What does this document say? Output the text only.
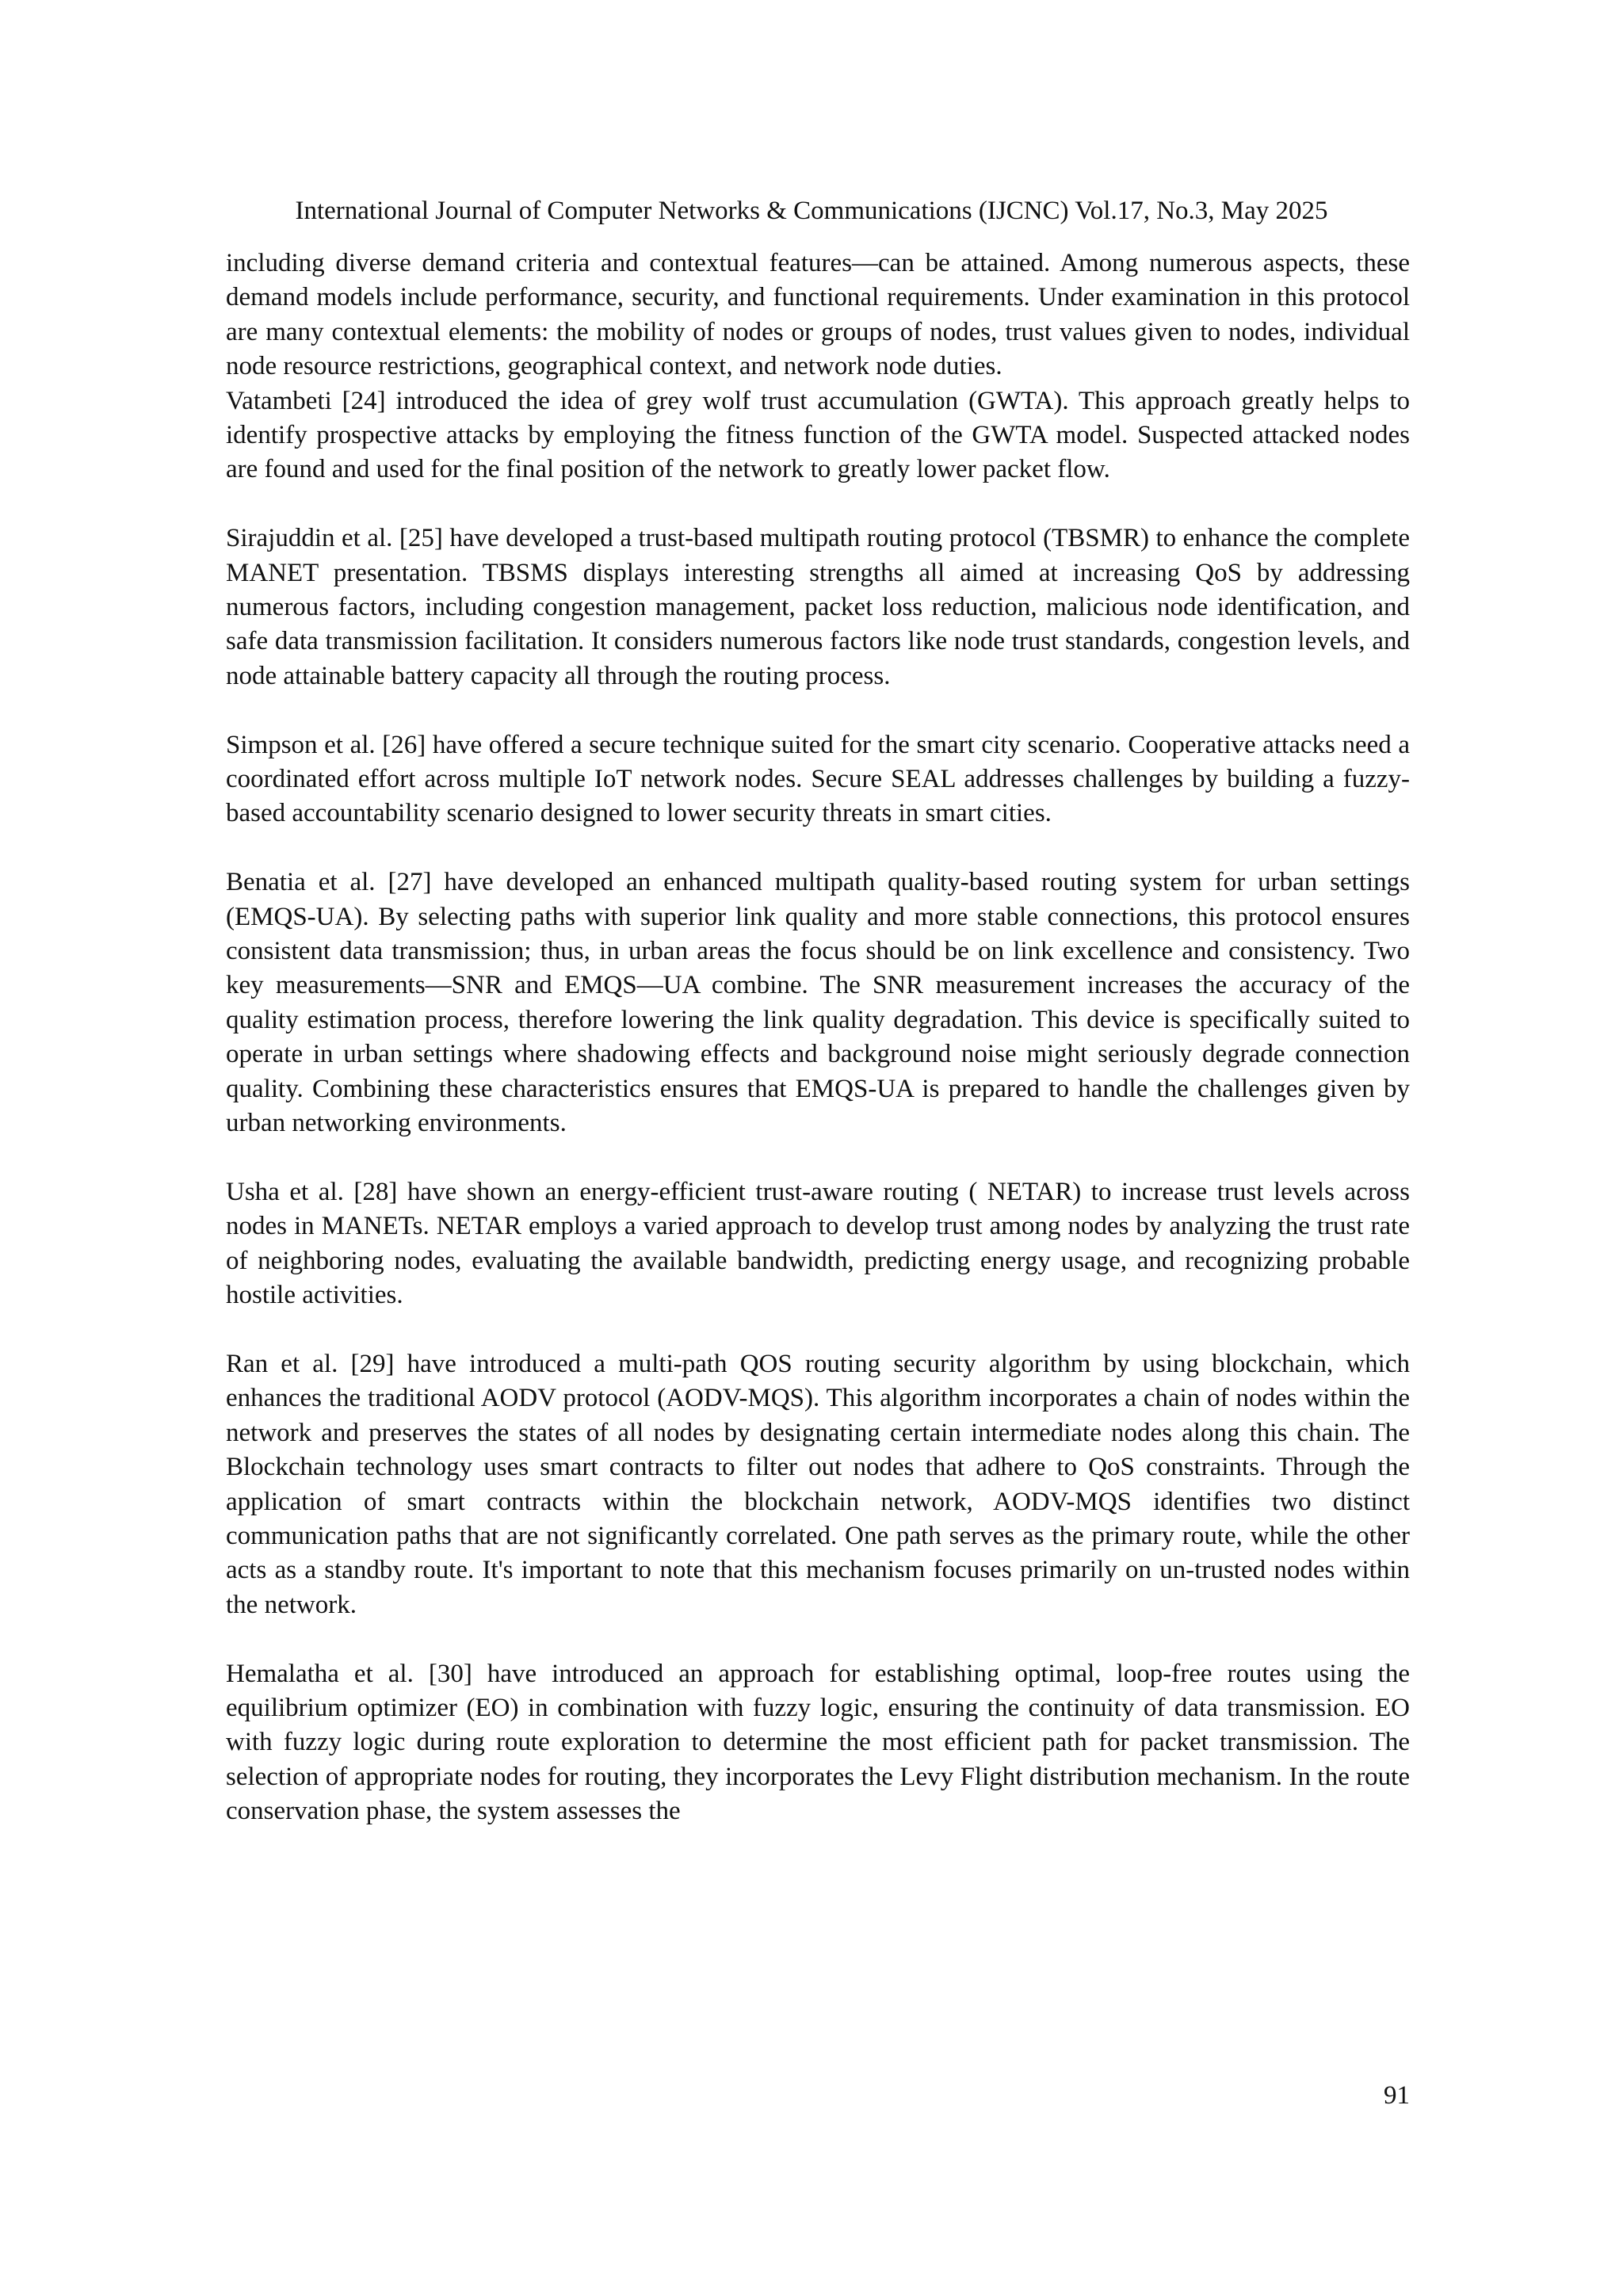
International Journal of Computer Networks & Communications (IJCNC) Vol.17, No.3, May 2025

including diverse demand criteria and contextual features—can be attained. Among numerous aspects, these demand models include performance, security, and functional requirements. Under examination in this protocol are many contextual elements: the mobility of nodes or groups of nodes, trust values given to nodes, individual node resource restrictions, geographical context, and network node duties.

Vatambeti [24] introduced the idea of grey wolf trust accumulation (GWTA). This approach greatly helps to identify prospective attacks by employing the fitness function of the GWTA model. Suspected attacked nodes are found and used for the final position of the network to greatly lower packet flow.

Sirajuddin et al. [25] have developed a trust-based multipath routing protocol (TBSMR) to enhance the complete MANET presentation. TBSMS displays interesting strengths all aimed at increasing QoS by addressing numerous factors, including congestion management, packet loss reduction, malicious node identification, and safe data transmission facilitation. It considers numerous factors like node trust standards, congestion levels, and node attainable battery capacity all through the routing process.

Simpson et al. [26] have offered a secure technique suited for the smart city scenario. Cooperative attacks need a coordinated effort across multiple IoT network nodes. Secure SEAL addresses challenges by building a fuzzy-based accountability scenario designed to lower security threats in smart cities.

Benatia et al. [27] have developed an enhanced multipath quality-based routing system for urban settings (EMQS-UA). By selecting paths with superior link quality and more stable connections, this protocol ensures consistent data transmission; thus, in urban areas the focus should be on link excellence and consistency. Two key measurements—SNR and EMQS—UA combine. The SNR measurement increases the accuracy of the quality estimation process, therefore lowering the link quality degradation. This device is specifically suited to operate in urban settings where shadowing effects and background noise might seriously degrade connection quality. Combining these characteristics ensures that EMQS-UA is prepared to handle the challenges given by urban networking environments.

Usha et al. [28] have shown an energy-efficient trust-aware routing ( NETAR) to increase trust levels across nodes in MANETs. NETAR employs a varied approach to develop trust among nodes by analyzing the trust rate of neighboring nodes, evaluating the available bandwidth, predicting energy usage, and recognizing probable hostile activities.

Ran et al. [29] have introduced a multi-path QOS routing security algorithm by using blockchain, which enhances the traditional AODV protocol (AODV-MQS). This algorithm incorporates a chain of nodes within the network and preserves the states of all nodes by designating certain intermediate nodes along this chain. The Blockchain technology uses smart contracts to filter out nodes that adhere to QoS constraints. Through the application of smart contracts within the blockchain network, AODV-MQS identifies two distinct communication paths that are not significantly correlated. One path serves as the primary route, while the other acts as a standby route. It's important to note that this mechanism focuses primarily on un-trusted nodes within the network.

Hemalatha et al. [30] have introduced an approach for establishing optimal, loop-free routes using the equilibrium optimizer (EO) in combination with fuzzy logic, ensuring the continuity of data transmission. EO with fuzzy logic during route exploration to determine the most efficient path for packet transmission. The selection of appropriate nodes for routing, they incorporates the Levy Flight distribution mechanism. In the route conservation phase, the system assesses the

91
